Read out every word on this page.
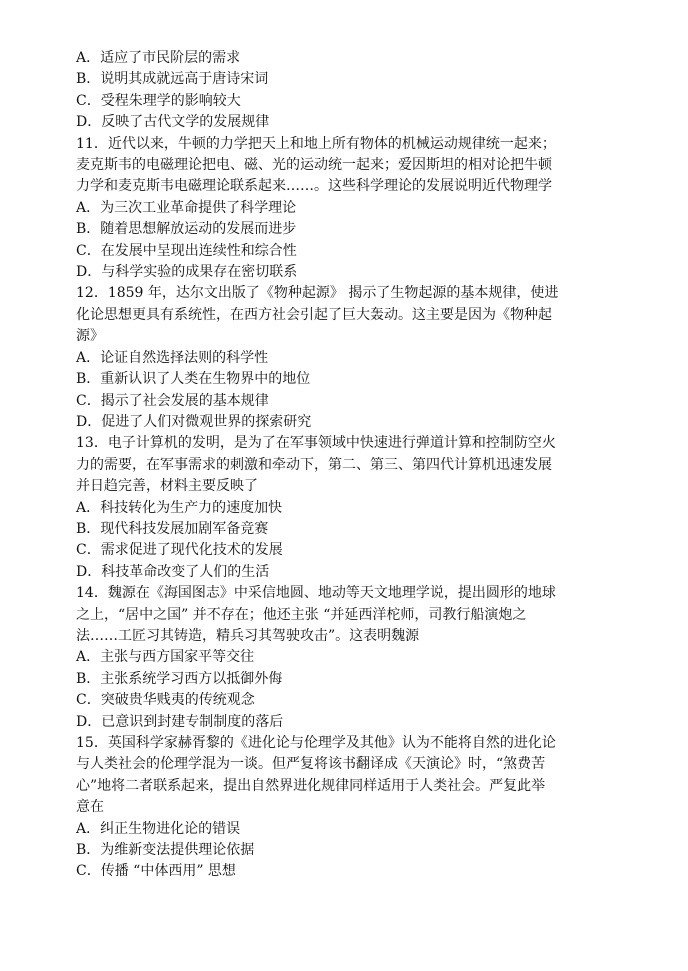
A．适应了市民阶层的需求
B．说明其成就远高于唐诗宋词
C．受程朱理学的影响较大
D．反映了古代文学的发展规律
11．近代以来，牛顿的力学把天上和地上所有物体的机械运动规律统一起来；
麦克斯韦的电磁理论把电、磁、光的运动统一起来；爱因斯坦的相对论把牛顿
力学和麦克斯韦电磁理论联系起来……。这些科学理论的发展说明近代物理学
A．为三次工业革命提供了科学理论
B．随着思想解放运动的发展而进步
C．在发展中呈现出连续性和综合性
D．与科学实验的成果存在密切联系
12．1859 年，达尔文出版了《物种起源》 揭示了生物起源的基本规律，使进
化论思想更具有系统性，在西方社会引起了巨大轰动。这主要是因为《物种起
源》
A．论证自然选择法则的科学性
B．重新认识了人类在生物界中的地位
C．揭示了社会发展的基本规律
D．促进了人们对微观世界的探索研究
13．电子计算机的发明，是为了在军事领域中快速进行弹道计算和控制防空火
力的需要，在军事需求的刺激和牵动下，第二、第三、第四代计算机迅速发展
并日趋完善，材料主要反映了
A．科技转化为生产力的速度加快
B．现代科技发展加剧军备竞赛
C．需求促进了现代化技术的发展
D．科技革命改变了人们的生活
14．魏源在《海国图志》中采信地圆、地动等天文地理学说，提出圆形的地球
之上，“居中之国” 并不存在；他还主张 “并延西洋柁师，司教行船演炮之
法……工匠习其铸造，精兵习其驾驶攻击”。这表明魏源
A．主张与西方国家平等交往
B．主张系统学习西方以抵御外侮
C．突破贵华贱夷的传统观念
D．已意识到封建专制制度的落后
15．英国科学家赫胥黎的《进化论与伦理学及其他》认为不能将自然的进化论
与人类社会的伦理学混为一谈。但严复将该书翻译成《天演论》时，“煞费苦
心”地将二者联系起来，提出自然界进化规律同样适用于人类社会。严复此举
意在
A．纠正生物进化论的错误
B．为维新变法提供理论依据
C．传播 “中体西用” 思想
